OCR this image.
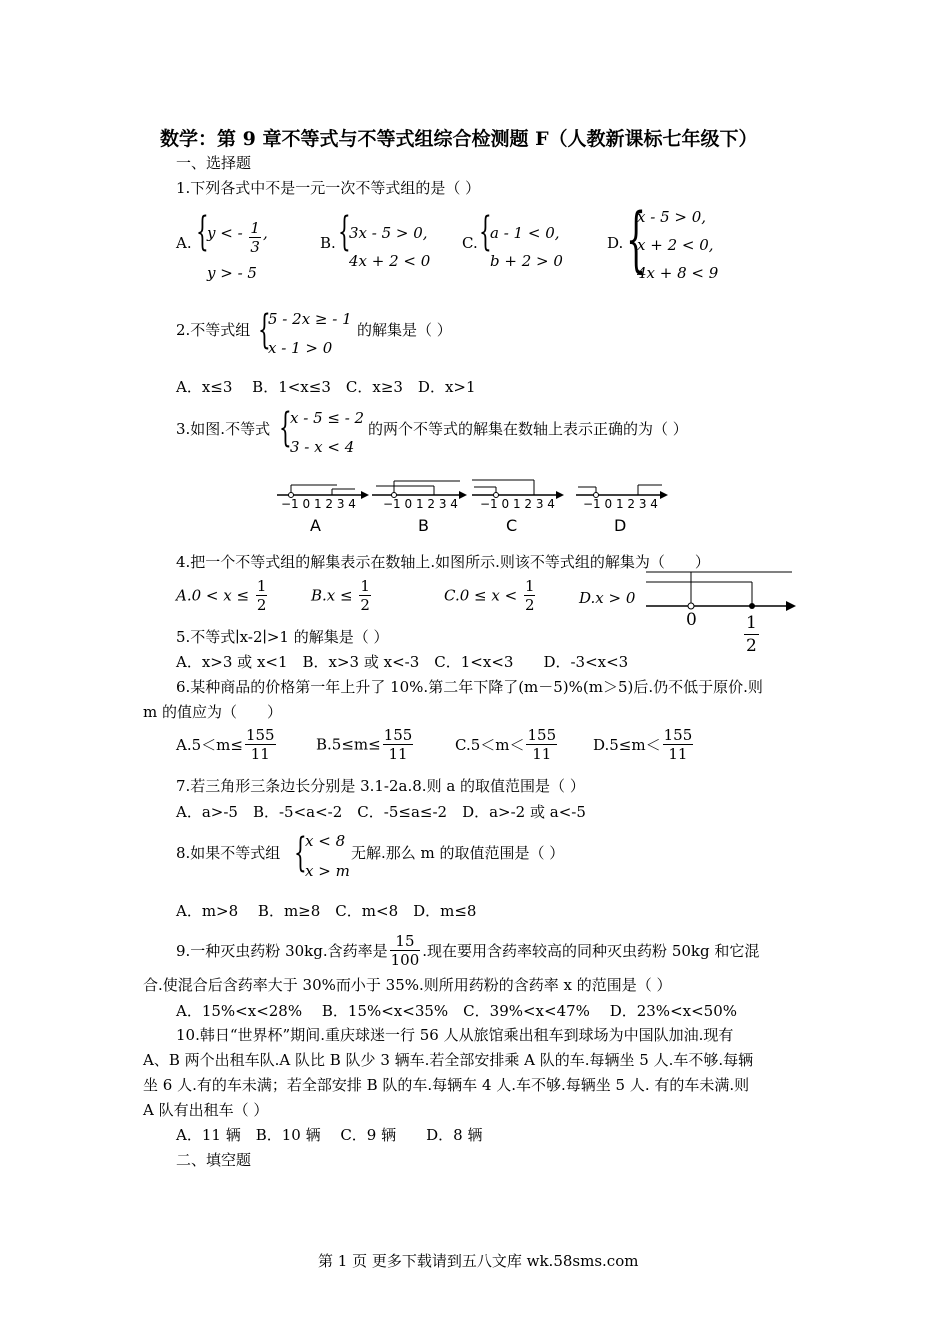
数学：第 9 章不等式与不等式组综合检测题 F（人教新课标七年级下）
一、选择题
1.下列各式中不是一元一次不等式组的是（ ）
A. {
y < - $\frac{1}{3}$ ,
y > - 5
B. {
3x - 5 > 0,
4x + 2 < 0
C. {
a - 1 < 0,
b + 2 > 0
D. {
x - 5 > 0,
x + 2 < 0,
4x + 8 < 9
2.不等式组 {
5 - 2x ≥ - 1
x - 1 > 0
的解集是（ ）
A．x≤3　 B．1<x≤3　C．x≥3　D．x>1
3.如图.不等式 {
x - 5 ≤ - 2
3 - x < 4
的两个不等式的解集在数轴上表示正确的为（ ）
−1 0 1 2 3 4 −1 0 1 2 3 4 −1 0 1 2 3 4 −1 0 1 2 3 4
A	B	C	D
4.把一个不等式组的解集表示在数轴上.如图所示.则该不等式组的解集为（　　）
$A.0 < x \le \frac{1}{2}$	$B.x \le \frac{1}{2}$	$C.0 \le x < \frac{1}{2}$	D.x > 0
0	1
2
5.不等式∣x-2∣>1 的解集是（ ）
A．x>3 或 x<1　B．x>3 或 x<-3　C．1<x<3　　D．-3<x<3
6.某种商品的价格第一年上升了 10%.第二年下降了(m－5)%(m＞5)后.仍不低于原价.则
m 的值应为（　　）
$A.5<m\le \frac{155}{11}$	$B.5\le m\le \frac{155}{11}$	$C.5<m< \frac{155}{11} D.5\le m< \frac{155}{11}$
7.若三角形三条边长分别是 3.1-2a.8.则 a 的取值范围是（ ）
A．a>-5　B．-5<a<-2　C．-5≤a≤-2　D．a>-2 或 a<-5
8.如果不等式组 {
x < 8
x > m
无解.那么 m 的取值范围是（ ）
A．m>8　 B．m≥8　C．m<8　D．m≤8
9.一种灭虫药粉 30kg.含药率是 $\frac{15}{100}$ .现在要用含药率较高的同种灭虫药粉 50kg 和它混
合.使混合后含药率大于 30%而小于 35%.则所用药粉的含药率 x 的范围是（ ）
A．15%<x<28%　 B．15%<x<35%　C．39%<x<47%　 D．23%<x<50%
10.韩日“世界杯”期间.重庆球迷一行 56 人从旅馆乘出租车到球场为中国队加油.现有
A、B 两个出租车队.A 队比 B 队少 3 辆车.若全部安排乘 A 队的车.每辆坐 5 人.车不够.每辆
坐 6 人.有的车未满；若全部安排 B 队的车.每辆车 4 人.车不够.每辆坐 5 人. 有的车未满.则
A 队有出租车（ ）
A．11 辆　B．10 辆　 C．9 辆　　D．8 辆
二、填空题
第 1 页 更多下载请到五八文库 wk.58sms.com
